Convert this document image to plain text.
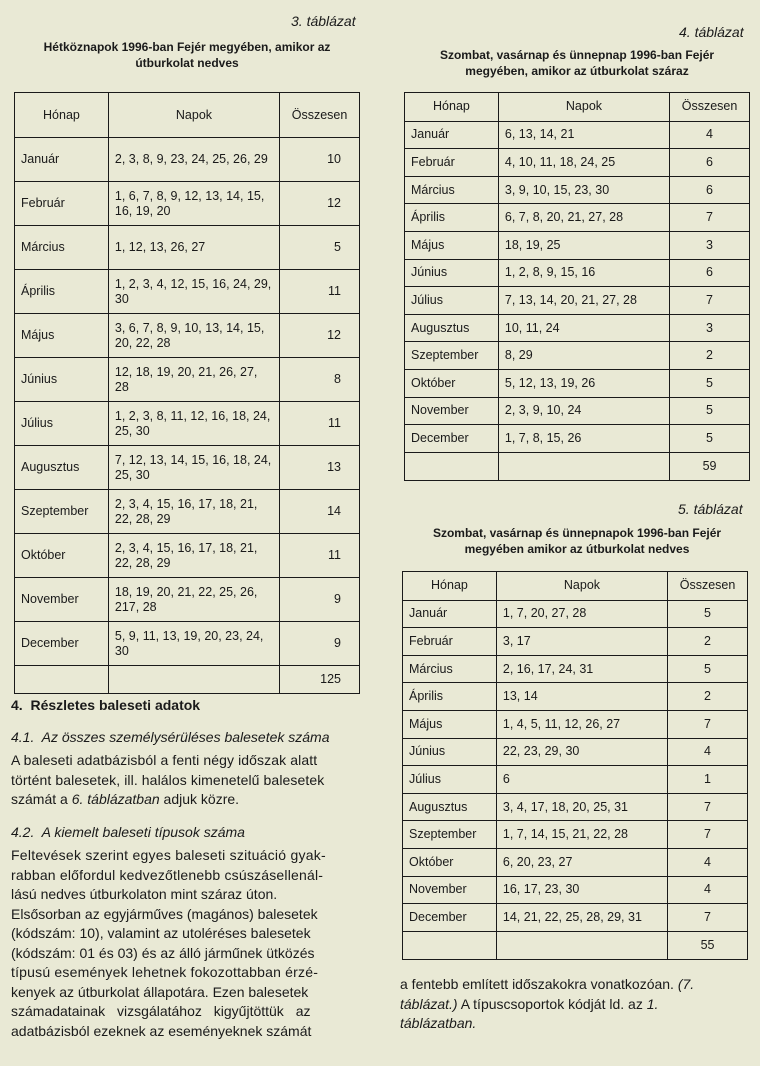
3. táblázat
Hétköznapok 1996-ban Fejér megyében, amikor az
útburkolat nedves
Hónap	Napok	Összesen
Január	2, 3, 8, 9, 23, 24, 25, 26, 29	10
Február	1, 6, 7, 8, 9, 12, 13, 14, 15, 16, 19, 20	12
Március	1, 12, 13, 26, 27	5
Április	1, 2, 3, 4, 12, 15, 16, 24, 29, 30	11
Május	3, 6, 7, 8, 9, 10, 13, 14, 15, 20, 22, 28	12
Június	12, 18, 19, 20, 21, 26, 27, 28	8
Július	1, 2, 3, 8, 11, 12, 16, 18, 24, 25, 30	11
Augusztus	7, 12, 13, 14, 15, 16, 18, 24, 25, 30	13
Szeptember	2, 3, 4, 15, 16, 17, 18, 21, 22, 28, 29	14
Október	2, 3, 4, 15, 16, 17, 18, 21, 22, 28, 29	11
November	18, 19, 20, 21, 22, 25, 26, 217, 28	9
December	5, 9, 11, 13, 19, 20, 23, 24, 30	9
		125
4. táblázat
Szombat, vasárnap és ünnepnap 1996-ban Fejér
megyében, amikor az útburkolat száraz
Hónap	Napok	Összesen
Január	6, 13, 14, 21	4
Február	4, 10, 11, 18, 24, 25	6
Március	3, 9, 10, 15, 23, 30	6
Április	6, 7, 8, 20, 21, 27, 28	7
Május	18, 19, 25	3
Június	1, 2, 8, 9, 15, 16	6
Július	7, 13, 14, 20, 21, 27, 28	7
Augusztus	10, 11, 24	3
Szeptember	8, 29	2
Október	5, 12, 13, 19, 26	5
November	2, 3, 9, 10, 24	5
December	1, 7, 8, 15, 26	5
		59
5. táblázat
Szombat, vasárnap és ünnepnapok 1996-ban Fejér
megyében amikor az útburkolat nedves
Hónap	Napok	Összesen
Január	1, 7, 20, 27, 28	5
Február	3, 17	2
Március	2, 16, 17, 24, 31	5
Április	13, 14	2
Május	1, 4, 5, 11, 12, 26, 27	7
Június	22, 23, 29, 30	4
Július	6	1
Augusztus	3, 4, 17, 18, 20, 25, 31	7
Szeptember	1, 7, 14, 15, 21, 22, 28	7
Október	6, 20, 23, 27	4
November	16, 17, 23, 30	4
December	14, 21, 22, 25, 28, 29, 31	7
		55
4.  Részletes baleseti adatok
4.1.  Az összes személysérüléses balesetek száma
A baleseti adatbázisból a fenti négy időszak alatt
történt balesetek, ill. halálos kimenetelű balesetek
számát a 6. táblázatban adjuk közre.
4.2.  A kiemelt baleseti típusok száma
Feltevések szerint egyes baleseti szituáció gyak-
rabban előfordul kedvezőtlenebb csúszásellenál-
lású nedves útburkolaton mint száraz úton.
Elsősorban az egyjárműves (magános) balesetek
(kódszám: 10), valamint az utoléréses balesetek
(kódszám: 01 és 03) és az álló járműnek ütközés
típusú események lehetnek fokozottabban érzé-
kenyek az útburkolat állapotára. Ezen balesetek
számadatainak vizsgálatához kigyűjtöttük az
adatbázisból ezeknek az eseményeknek számát
a fentebb említett időszakokra vonatkozóan. (7.
táblázat.) A típuscsoportok kódját ld. az 1.
táblázatban.
